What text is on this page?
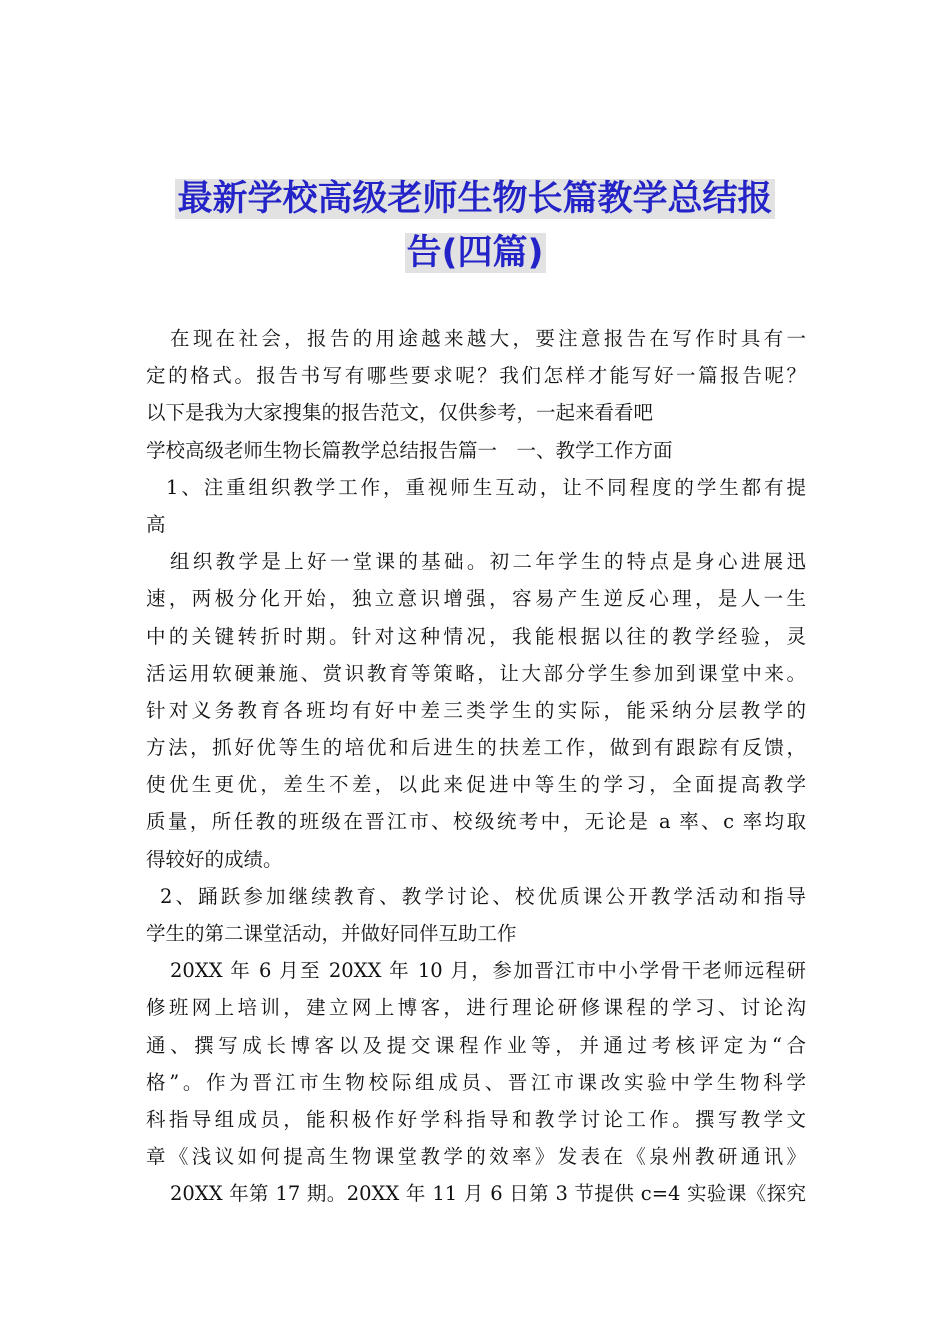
最新学校高级老师生物长篇教学总结报
告(四篇)
在现在社会，报告的用途越来越大，要注意报告在写作时具有一
定的格式。报告书写有哪些要求呢？我们怎样才能写好一篇报告呢？
以下是我为大家搜集的报告范文，仅供参考，一起来看看吧
学校高级老师生物长篇教学总结报告篇一　一、教学工作方面
1、注重组织教学工作，重视师生互动，让不同程度的学生都有提
高
组织教学是上好一堂课的基础。初二年学生的特点是身心进展迅
速，两极分化开始，独立意识增强，容易产生逆反心理，是人一生
中的关键转折时期。针对这种情况，我能根据以往的教学经验，灵
活运用软硬兼施、赏识教育等策略，让大部分学生参加到课堂中来。
针对义务教育各班均有好中差三类学生的实际，能采纳分层教学的
方法，抓好优等生的培优和后进生的扶差工作，做到有跟踪有反馈，
使优生更优，差生不差，以此来促进中等生的学习，全面提高教学
质量，所任教的班级在晋江市、校级统考中，无论是 a 率、c 率均取
得较好的成绩。
2、踊跃参加继续教育、教学讨论、校优质课公开教学活动和指导
学生的第二课堂活动，并做好同伴互助工作
20XX 年 6 月至 20XX 年 10 月，参加晋江市中小学骨干老师远程研
修班网上培训，建立网上博客，进行理论研修课程的学习、讨论沟
通、撰写成长博客以及提交课程作业等，并通过考核评定为“合
格”。作为晋江市生物校际组成员、晋江市课改实验中学生物科学
科指导组成员，能积极作好学科指导和教学讨论工作。撰写教学文
章《浅议如何提高生物课堂教学的效率》发表在《泉州教研通讯》
20XX 年第 17 期。20XX 年 11 月 6 日第 3 节提供 c=4 实验课《探究
